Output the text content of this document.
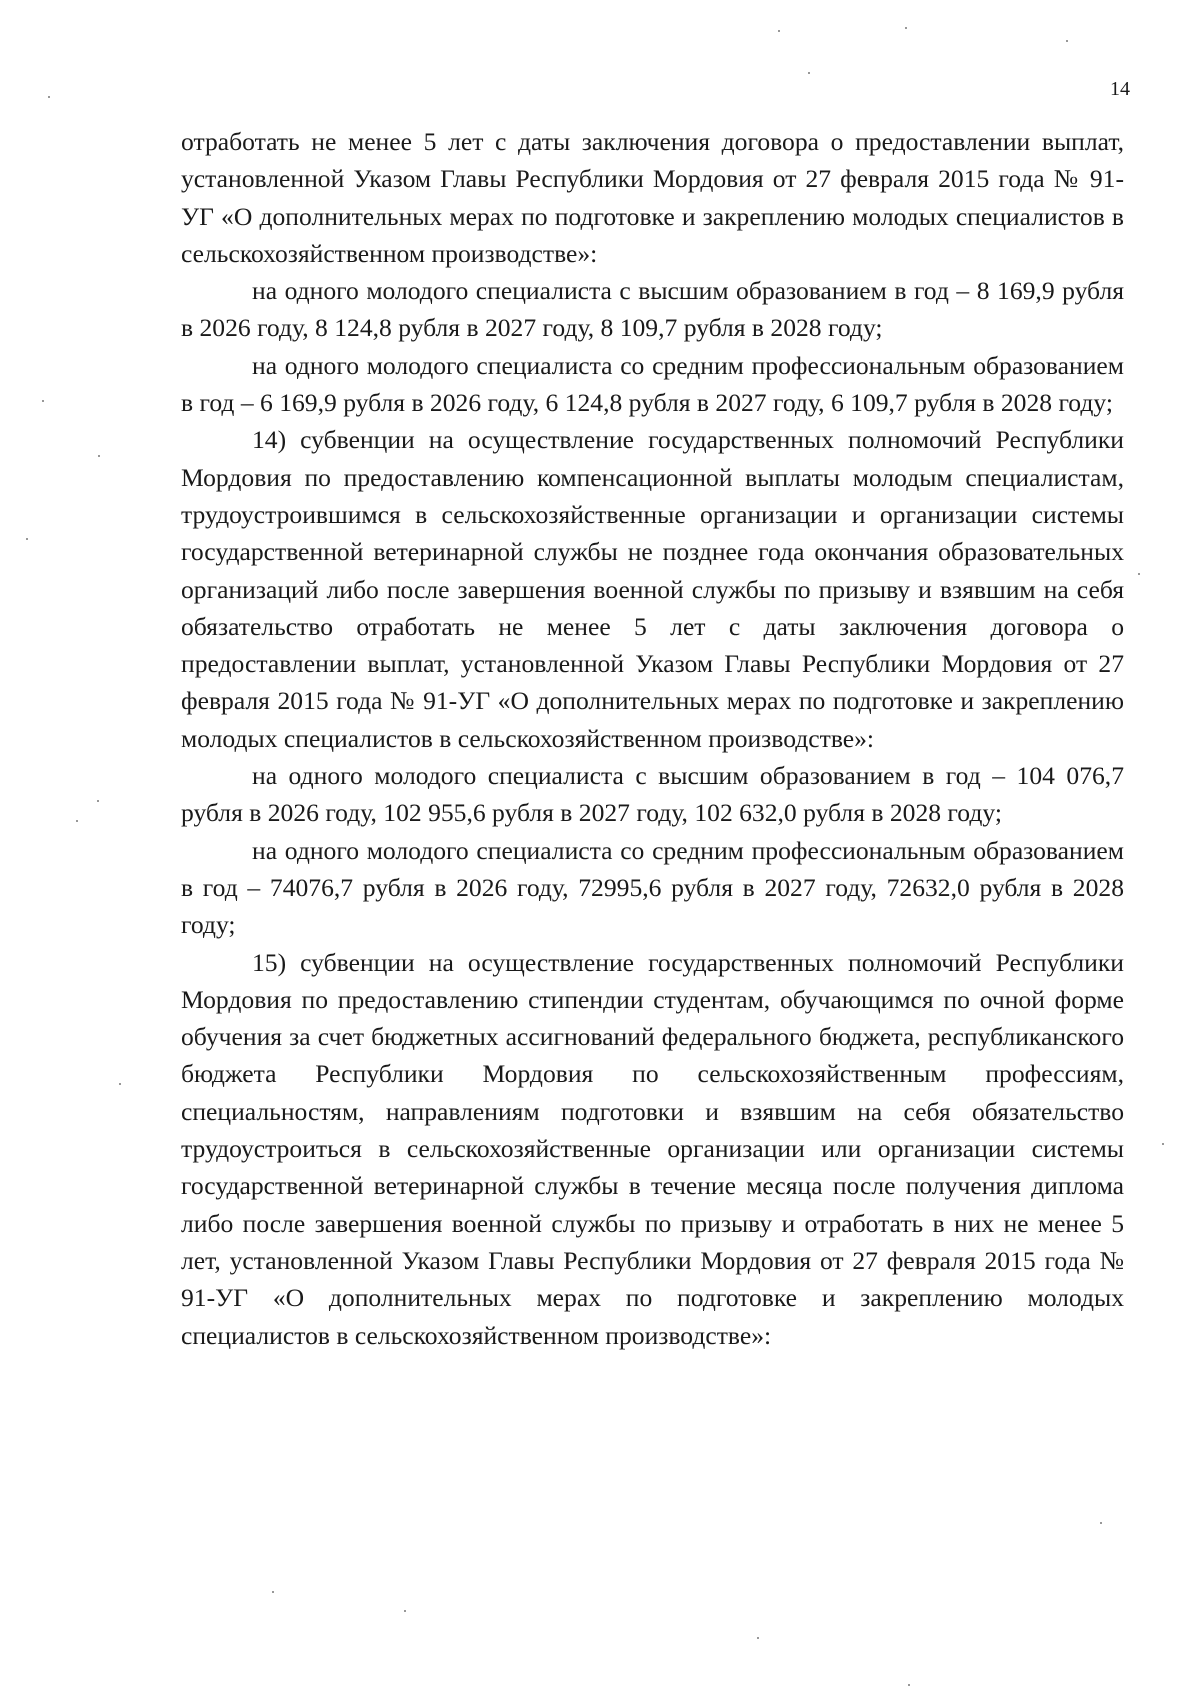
14

отработать не менее 5 лет с даты заключения договора о предоставлении выплат, установленной Указом Главы Республики Мордовия от 27 февраля 2015 года № 91-УГ «О дополнительных мерах по подготовке и закреплению молодых специалистов в сельскохозяйственном производстве»:

на одного молодого специалиста с высшим образованием в год – 8 169,9 рубля в 2026 году, 8 124,8 рубля в 2027 году, 8 109,7 рубля в 2028 году;

на одного молодого специалиста со средним профессиональным образованием в год – 6 169,9 рубля в 2026 году, 6 124,8 рубля в 2027 году, 6 109,7 рубля в 2028 году;

14) субвенции на осуществление государственных полномочий Республики Мордовия по предоставлению компенсационной выплаты молодым специалистам, трудоустроившимся в сельскохозяйственные организации и организации системы государственной ветеринарной службы не позднее года окончания образовательных организаций либо после завершения военной службы по призыву и взявшим на себя обязательство отработать не менее 5 лет с даты заключения договора о предоставлении выплат, установленной Указом Главы Республики Мордовия от 27 февраля 2015 года № 91-УГ «О дополнительных мерах по подготовке и закреплению молодых специалистов в сельскохозяйственном производстве»:

на одного молодого специалиста с высшим образованием в год – 104 076,7 рубля в 2026 году, 102 955,6 рубля в 2027 году, 102 632,0 рубля в 2028 году;

на одного молодого специалиста со средним профессиональным образованием в год – 74076,7 рубля в 2026 году, 72995,6 рубля в 2027 году, 72632,0 рубля в 2028 году;

15) субвенции на осуществление государственных полномочий Республики Мордовия по предоставлению стипендии студентам, обучающимся по очной форме обучения за счет бюджетных ассигнований федерального бюджета, республиканского бюджета Республики Мордовия по сельскохозяйственным профессиям, специальностям, направлениям подготовки и взявшим на себя обязательство трудоустроиться в сельскохозяйственные организации или организации системы государственной ветеринарной службы в течение месяца после получения диплома либо после завершения военной службы по призыву и отработать в них не менее 5 лет, установленной Указом Главы Республики Мордовия от 27 февраля 2015 года № 91-УГ «О дополнительных мерах по подготовке и закреплению молодых специалистов в сельскохозяйственном производстве»:
